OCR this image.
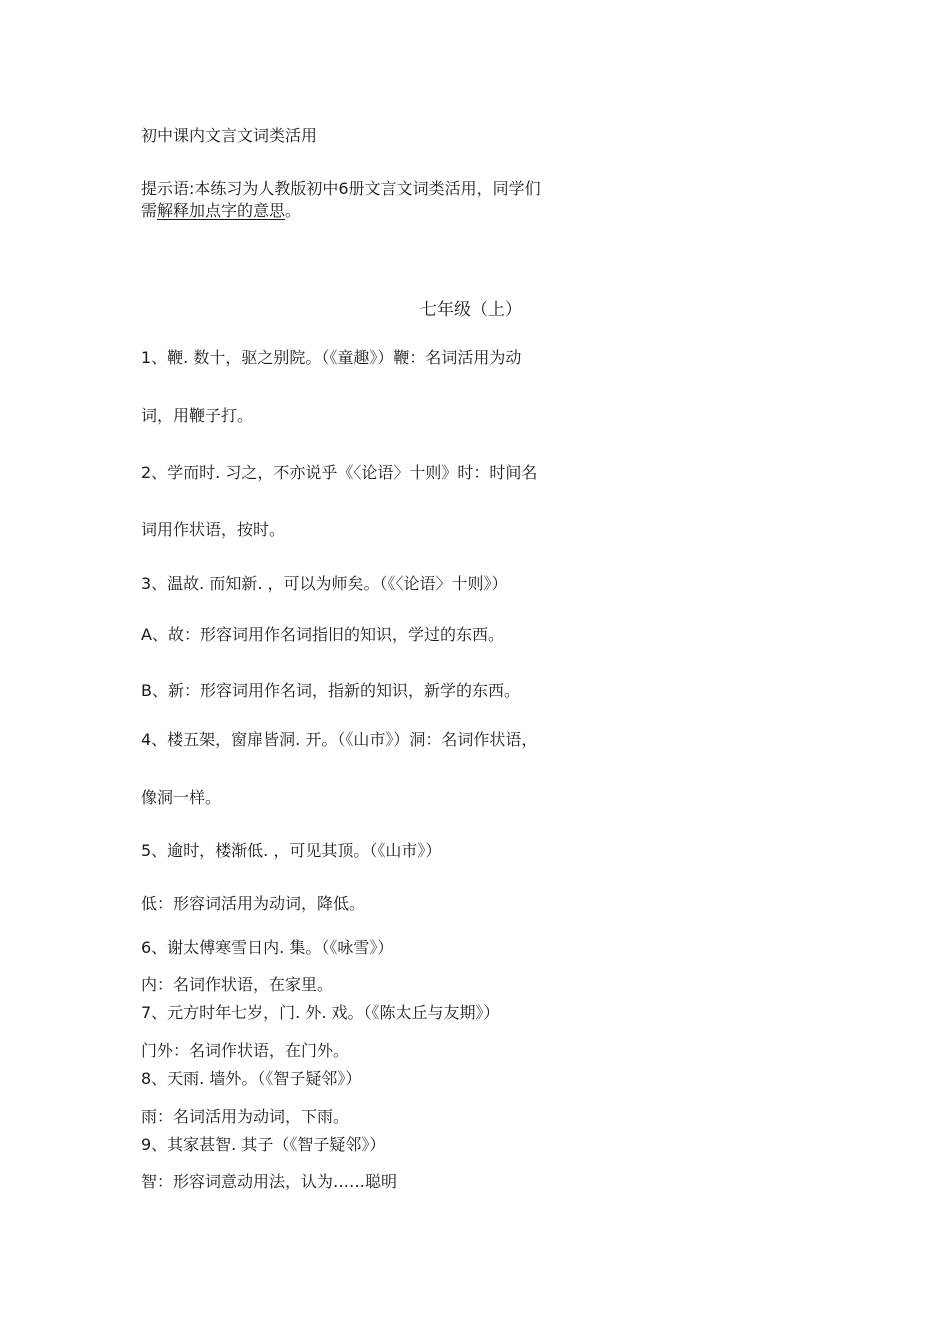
初中课内文言文词类活用
提示语:本练习为人教版初中6册文言文词类活用，同学们
需解释加点字的意思。
七年级（上）
1、鞭. 数十，驱之别院。（《童趣》）鞭：名词活用为动
词，用鞭子打。
2、学而时. 习之，不亦说乎《〈论语〉十则》时：时间名
词用作状语，按时。
3、温故. 而知新. ，可以为师矣。（《〈论语〉十则》）
A、故：形容词用作名词指旧的知识，学过的东西。
B、新：形容词用作名词，指新的知识，新学的东西。
4、楼五架，窗扉皆洞. 开。（《山市》）洞：名词作状语，
像洞一样。
5、逾时，楼渐低. ，可见其顶。（《山市》）
低：形容词活用为动词，降低。
6、谢太傅寒雪日内. 集。（《咏雪》）
内：名词作状语，在家里。
7、元方时年七岁，门. 外. 戏。（《陈太丘与友期》）
门外：名词作状语，在门外。
8、天雨. 墙外。（《智子疑邻》）
雨：名词活用为动词，下雨。
9、其家甚智. 其子（《智子疑邻》）
智：形容词意动用法，认为……聪明
